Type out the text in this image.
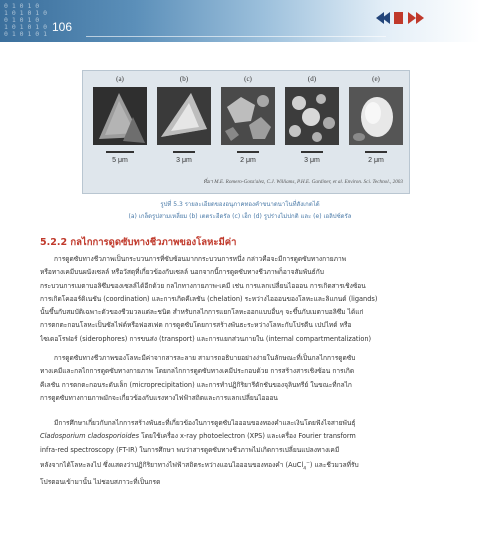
0 1 0 1 0
1 0 1 0 1 0
0 1 0 1 0
1 0 1 0 1 0
0 1 0 1 0 1 106
(a)
5 μm
(b)
3 μm
(c)
2 μm
(d)
3 μm
(e)
2 μm
ที่มา M.E. Romero-Gonz'alez, C.J. Williams, P.H.E. Gardiner, et al. Environ. Sci. Technol., 2003
รูปที่ 5.3 รายละเอียดของอนุภาคทองคำขนาดนาโนที่สังเกตได้
(a) เกล็ดรูปสามเหลี่ยม (b) เตตระฮีดรัล (c) เฮ็ก (d) รูปร่างไม่ปกติ และ (e) เอลิปซ์ดรัล
5.2.2 กลไกการดูดซับทางชีวภาพของโลหะมีค่า
การดูดซับทางชีวภาพเป็นกระบวนการที่ซับซ้อนมากกระบวนการหนึ่ง กล่าวคือจะมีการดูดซับทางกายภาพ
หรือทางเคมีบนผนังเซลล์ หรือวัสดุที่เกี่ยวข้องกับเซลล์ นอกจากนี้การดูดซับทางชีวภาพก็อาจสัมพันธ์กับ
กระบวนการเมตาบอลิซึมของเซลล์ได้อีกด้วย กลไกทางกายภาพ-เคมี เช่น การแลกเปลี่ยนไอออน การเกิดสารเชิงซ้อน
การเกิดโคออร์ดิเนชัน (coordination) และการเกิดคีเลชัน (chelation) ระหว่างไอออนของโลหะและลิแกนด์ (ligands)
นั้นขึ้นกับสมบัติเฉพาะตัวของชีวมวลแต่ละชนิด สำหรับกลไกการแยกโลหะออกแบบอื่นๆ จะขึ้นกับเมตาบอลิซึม ได้แก่
การตกตะกอนโลหะเป็นซัลไฟด์หรือฟอสเฟต การดูดซับโดยการสร้างพันธะระหว่างโลหะกับโปรตีน เปปไทด์ หรือ
ไซเดอโรฟอร์ (siderophores) การขนส่ง (transport) และการแยกส่วนภายใน (internal compartmentalization)
การดูดซับทางชีวภาพของโลหะมีค่าจากสารละลาย สามารถอธิบายอย่างง่ายในลักษณะที่เป็นกลไกการดูดซับ
ทางเคมีและกลไกการดูดซับทางกายภาพ โดยกลไกการดูดซับทางเคมีประกอบด้วย การสร้างสารเชิงซ้อน การเกิด
คีเลชัน การตกตะกอนระดับเล็ก (microprecipitation) และการทำปฏิกิริยารีดักชันของจุลินทรีย์ ในขณะที่กลไก
การดูดซับทางกายภาพมักจะเกี่ยวข้องกับแรงทางไฟฟ้าสถิตและการแลกเปลี่ยนไอออน
มีการศึกษาเกี่ยวกับกลไกการสร้างพันธะที่เกี่ยวข้องในการดูดซับไอออนของทองคำและเงินโดยฟังไจสายพันธุ์
Cladosporium cladosporioides โดยใช้เครื่อง x-ray photoelectron (XPS) และเครื่อง Fourier transform
infra-red spectroscopy (FT-IR) ในการศึกษา พบว่าสารดูดซับทางชีวภาพไม่เกิดการเปลี่ยนแปลงทางเคมี
หลังจากได้โลหะลงไป ซึ่งแสดงว่าปฏิกิริยาทางไฟฟ้าสถิตระหว่างแอนไอออนของทองคำ (AuCl$_4$−) และชีวมวลที่รับ
โปรตอนเข้ามานั้น ไม่ชอบสภาวะที่เป็นกรด
